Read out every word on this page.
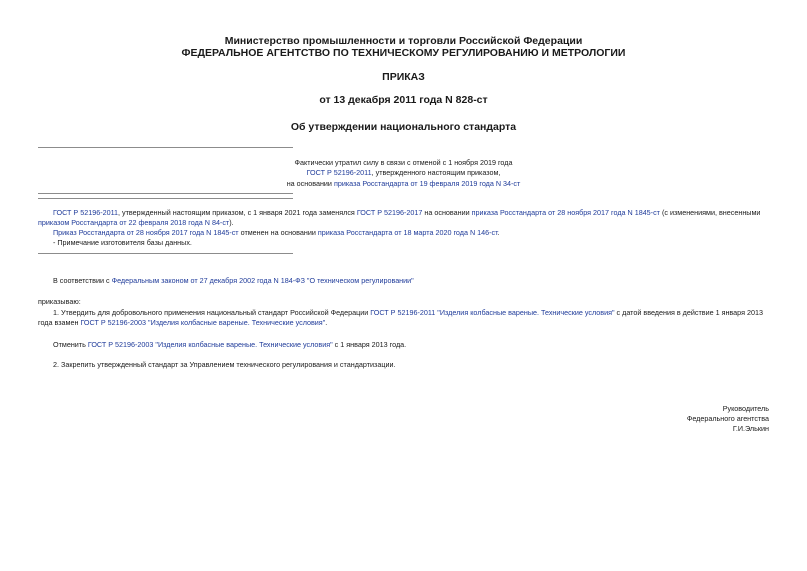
Министерство промышленности и торговли Российской Федерации
ФЕДЕРАЛЬНОЕ АГЕНТСТВО ПО ТЕХНИЧЕСКОМУ РЕГУЛИРОВАНИЮ И МЕТРОЛОГИИ
ПРИКАЗ
от 13 декабря 2011 года N 828-ст
Об утверждении национального стандарта
Фактически утратил силу в связи с отменой с 1 ноября 2019 года
ГОСТ Р 52196-2011, утвержденного настоящим приказом,
на основании приказа Росстандарта от 19 февраля 2019 года N 34-ст
ГОСТ Р 52196-2011, утвержденный настоящим приказом, с 1 января 2021 года заменялся ГОСТ Р 52196-2017 на основании приказа Росстандарта от 28 ноября 2017 года N 1845-ст (с изменениями, внесенными приказом Росстандарта от 22 февраля 2018 года N 84-ст).
Приказ Росстандарта от 28 ноября 2017 года N 1845-ст отменен на основании приказа Росстандарта от 18 марта 2020 года N 146-ст.
- Примечание изготовителя базы данных.
В соответствии с Федеральным законом от 27 декабря 2002 года N 184-ФЗ "О техническом регулировании"
приказываю:
1. Утвердить для добровольного применения национальный стандарт Российской Федерации ГОСТ Р 52196-2011 "Изделия колбасные вареные. Технические условия" с датой введения в действие 1 января 2013 года взамен ГОСТ Р 52196-2003 "Изделия колбасные вареные. Технические условия".
Отменить ГОСТ Р 52196-2003 "Изделия колбасные вареные. Технические условия" с 1 января 2013 года.
2. Закрепить утвержденный стандарт за Управлением технического регулирования и стандартизации.
Руководитель
Федерального агентства
Г.И.Элькин
